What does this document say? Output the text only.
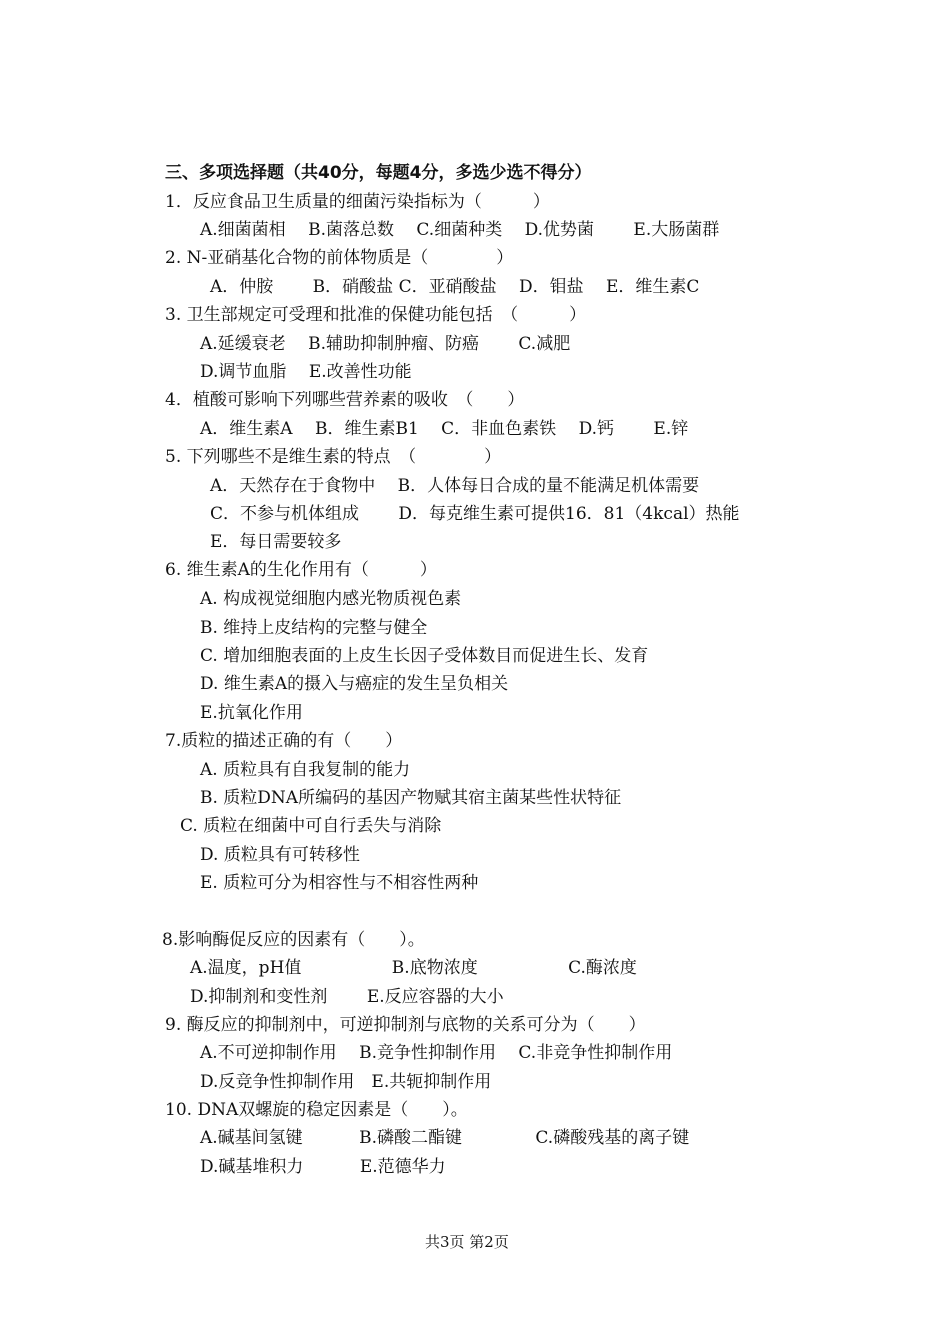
三、多项选择题（共40分，每题4分，多选少选不得分）
1．反应食品卫生质量的细菌污染指标为（　　　）
A.细菌菌相　 B.菌落总数　 C.细菌种类　 D.优势菌　　 E.大肠菌群
2. N-亚硝基化合物的前体物质是（　　　　）
A．仲胺　　 B．硝酸盐 C．亚硝酸盐　 D．钼盐　 E．维生素C
3. 卫生部规定可受理和批准的保健功能包括　（　　　）
A.延缓衰老　 B.辅助抑制肿瘤、防癌　　 C.减肥
D.调节血脂　 E.改善性功能
4．植酸可影响下列哪些营养素的吸收　（　　）
A．维生素A　 B．维生素B1　 C．非血色素铁　 D.钙　　 E.锌
5. 下列哪些不是维生素的特点　（　　　　）
A．天然存在于食物中　 B．人体每日合成的量不能满足机体需要
C．不参与机体组成　　 D．每克维生素可提供16．81（4kcal）热能
E．每日需要较多
6. 维生素A的生化作用有（　　　）
A. 构成视觉细胞内感光物质视色素
B. 维持上皮结构的完整与健全
C. 增加细胞表面的上皮生长因子受体数目而促进生长、发育
D. 维生素A的摄入与癌症的发生呈负相关
E.抗氧化作用
7.质粒的描述正确的有（　　）
A. 质粒具有自我复制的能力
B. 质粒DNA所编码的基因产物赋其宿主菌某些性状特征
C. 质粒在细菌中可自行丢失与消除
D. 质粒具有可转移性
E. 质粒可分为相容性与不相容性两种
8.影响酶促反应的因素有（　　）。
A.温度，pH值　　　　　 B.底物浓度　　　　　 C.酶浓度
D.抑制剂和变性剂　　 E.反应容器的大小
9. 酶反应的抑制剂中，可逆抑制剂与底物的关系可分为（　　）
A.不可逆抑制作用　 B.竞争性抑制作用　 C.非竞争性抑制作用
D.反竞争性抑制作用　E.共轭抑制作用
10. DNA双螺旋的稳定因素是（　　）。
A.碱基间氢键　　　 B.磷酸二酯键　　　　 C.磷酸残基的离子键
D.碱基堆积力　　　 E.范德华力
共3页 第2页
